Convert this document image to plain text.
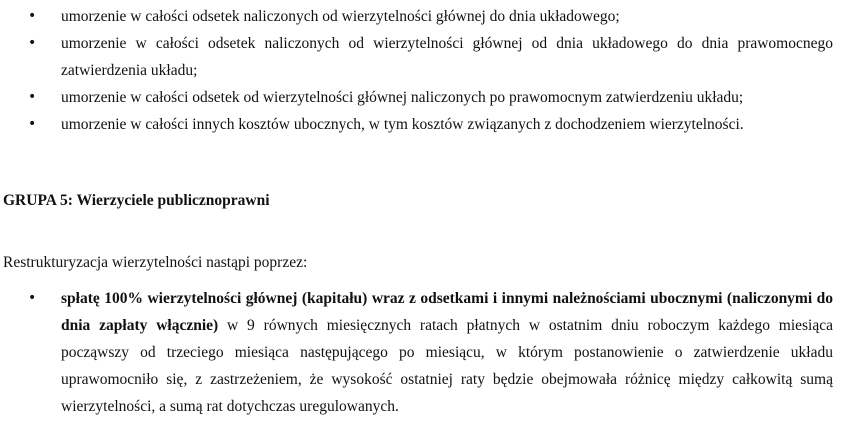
• umorzenie w całości odsetek naliczonych od wierzytelności głównej do dnia układowego;
• umorzenie w całości odsetek naliczonych od wierzytelności głównej od dnia układowego do dnia prawomocnego zatwierdzenia układu;
• umorzenie w całości odsetek od wierzytelności głównej naliczonych po prawomocnym zatwierdzeniu układu;
• umorzenie w całości innych kosztów ubocznych, w tym kosztów związanych z dochodzeniem wierzytelności.
GRUPA 5: Wierzyciele publicznoprawni

Restrukturyzacja wierzytelności nastąpi poprzez:

• spłatę 100% wierzytelności głównej (kapitału) wraz z odsetkami i innymi należnościami ubocznymi (naliczonymi do dnia zapłaty włącznie) w 9 równych miesięcznych ratach płatnych w ostatnim dniu roboczym każdego miesiąca począwszy od trzeciego miesiąca następującego po miesiącu, w którym postanowienie o zatwierdzenie układu uprawomocniło się, z zastrzeżeniem, że wysokość ostatniej raty będzie obejmowała różnicę między całkowitą sumą wierzytelności, a sumą rat dotychczas uregulowanych.
